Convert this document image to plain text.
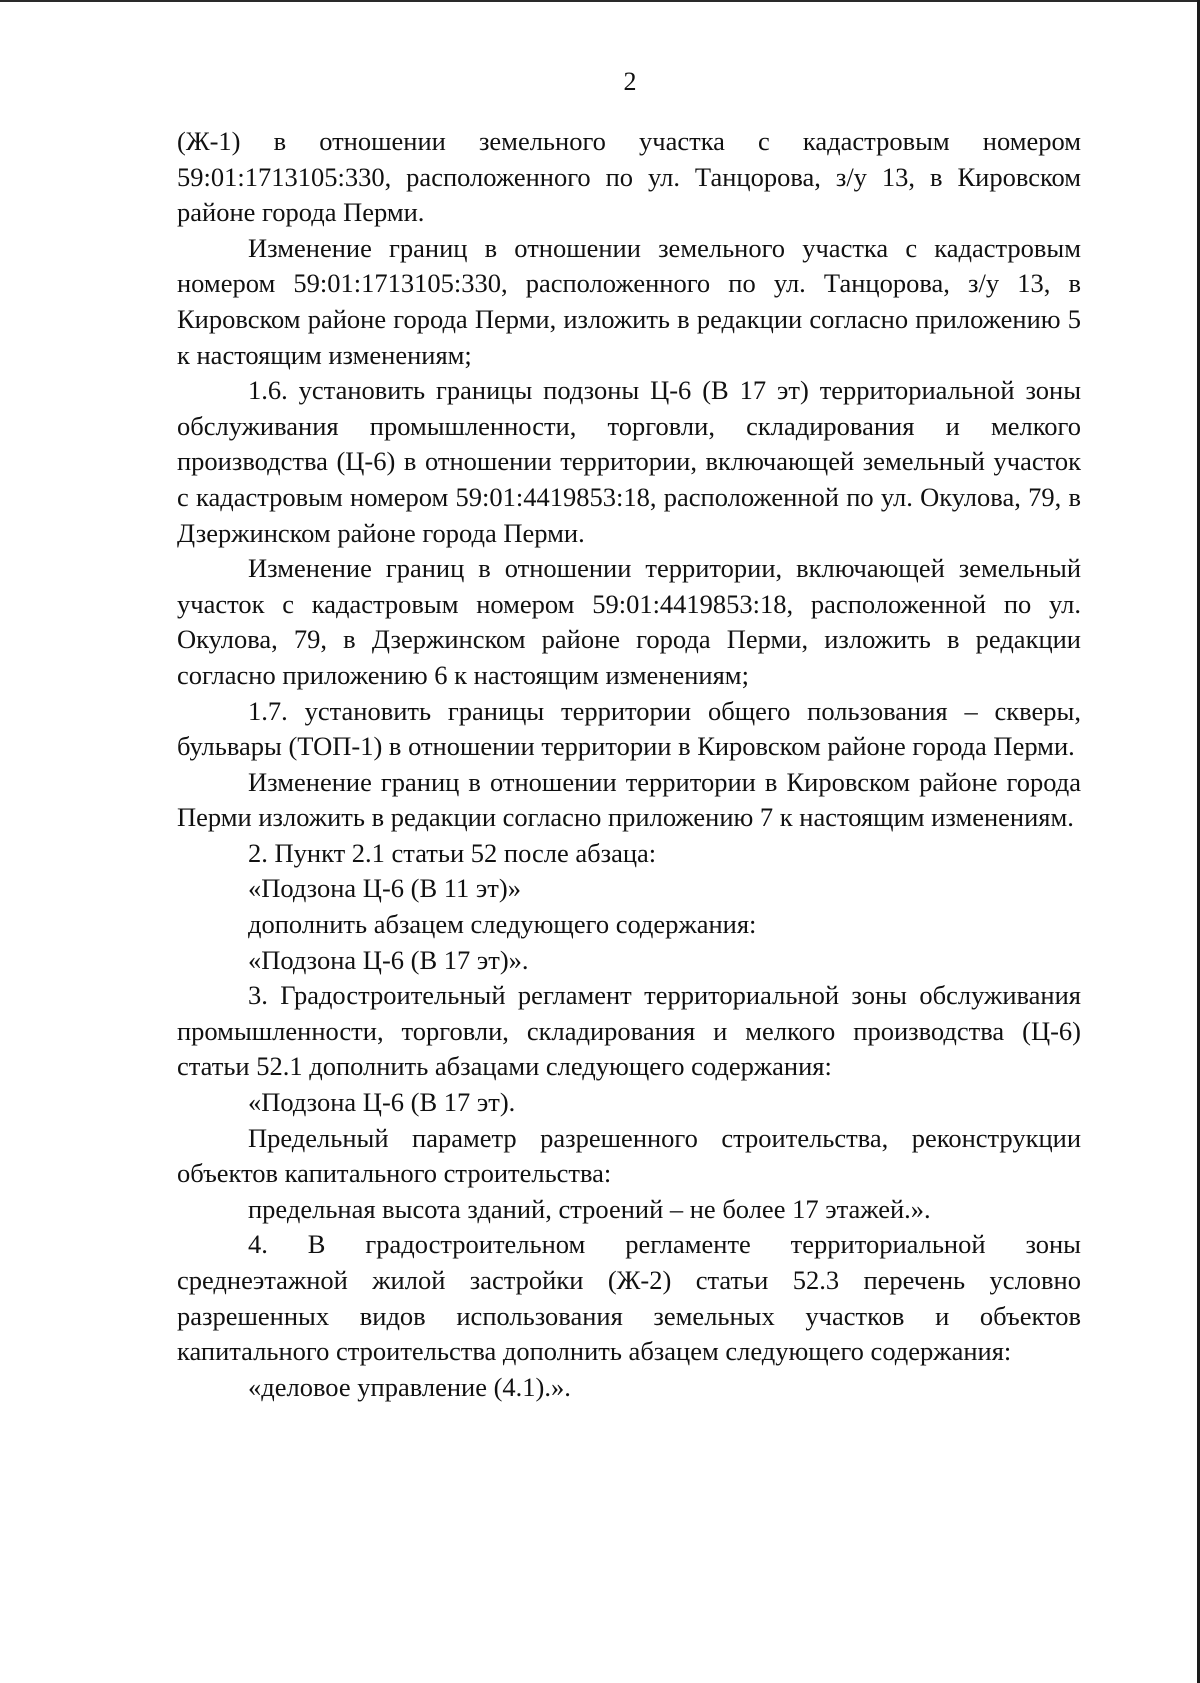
2

(Ж-1) в отношении земельного участка с кадастровым номером 59:01:1713105:330, расположенного по ул. Танцорова, з/у 13, в Кировском районе города Перми.

Изменение границ в отношении земельного участка с кадастровым номером 59:01:1713105:330, расположенного по ул. Танцорова, з/у 13, в Кировском районе города Перми, изложить в редакции согласно приложению 5 к настоящим изменениям;

1.6. установить границы подзоны Ц-6 (В 17 эт) территориальной зоны обслуживания промышленности, торговли, складирования и мелкого производства (Ц-6) в отношении территории, включающей земельный участок с кадастровым номером 59:01:4419853:18, расположенной по ул. Окулова, 79, в Дзержинском районе города Перми.

Изменение границ в отношении территории, включающей земельный участок с кадастровым номером 59:01:4419853:18, расположенной по ул. Окулова, 79, в Дзержинском районе города Перми, изложить в редакции согласно приложению 6 к настоящим изменениям;

1.7. установить границы территории общего пользования – скверы, бульвары (ТОП-1) в отношении территории в Кировском районе города Перми.

Изменение границ в отношении территории в Кировском районе города Перми изложить в редакции согласно приложению 7 к настоящим изменениям.

2. Пункт 2.1 статьи 52 после абзаца:

«Подзона Ц-6 (В 11 эт)»

дополнить абзацем следующего содержания:

«Подзона Ц-6 (В 17 эт)».

3. Градостроительный регламент территориальной зоны обслуживания промышленности, торговли, складирования и мелкого производства (Ц-6) статьи 52.1 дополнить абзацами следующего содержания:

«Подзона Ц-6 (В 17 эт).

Предельный параметр разрешенного строительства, реконструкции объектов капитального строительства:

предельная высота зданий, строений – не более 17 этажей.».

4. В градостроительном регламенте территориальной зоны среднеэтажной жилой застройки (Ж-2) статьи 52.3 перечень условно разрешенных видов использования земельных участков и объектов капитального строительства дополнить абзацем следующего содержания:

«деловое управление (4.1).».
